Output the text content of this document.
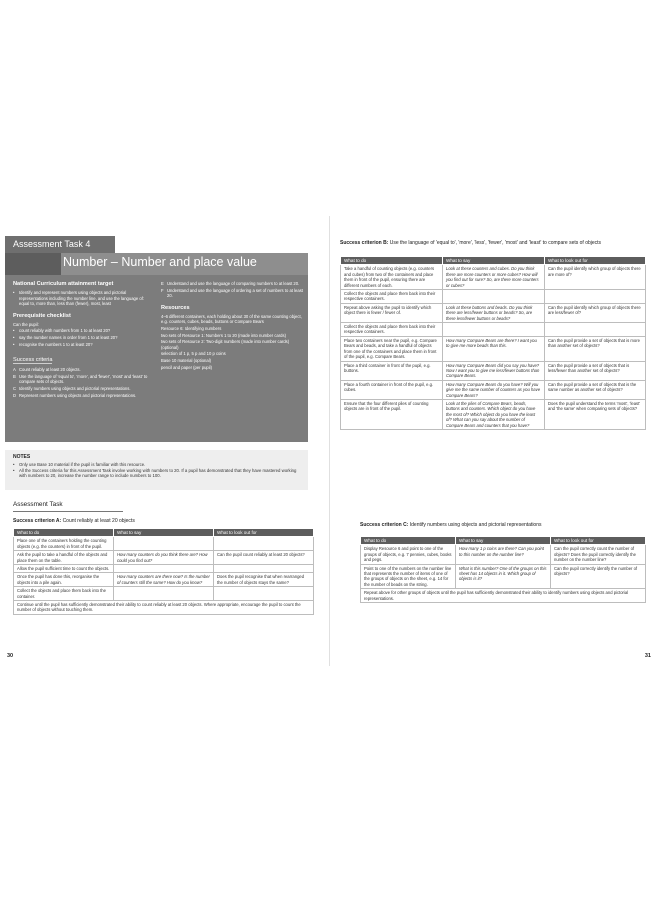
Assessment Task 4
Number – Number and place value
National Curriculum attainment target
• Identify and represent numbers using objects and pictorial representations including the number line, and use the language of: equal to, more than, less than (fewer), most, least
Prerequisite checklist
Can the pupil:
• count reliably with numbers from 1 to at least 20?
• say the number names in order from 1 to at least 20?
• recognise the numbers 1 to at least 20?
Success criteria
A Count reliably at least 20 objects.
B Use the language of 'equal to', 'more', and 'fewer', 'most' and 'least' to compare sets of objects.
C Identify numbers using objects and pictorial representations.
D Represent numbers using objects and pictorial representations.
E Understand and use the language of comparing numbers to at least 20.
F Understand and use the language of ordering a set of numbers to at least 20.
Resources
4–6 different containers, each holding about 30 of the same counting object, e.g. counters, cubes, beads, buttons or Compare Bears
Resource 6: Identifying numbers
two sets of Resource 1: Numbers 1 to 20 (made into number cards)
two sets of Resource 2: Two-digit numbers (made into number cards) (optional)
selection of 1 p, 5 p and 10 p coins
Base 10 material (optional)
pencil and paper (per pupil)
NOTES
• Only use Base 10 material if the pupil is familiar with this resource.
• All the Success criteria for this Assessment Task involve working with numbers to 20. If a pupil has demonstrated that they have mastered working with numbers to 20, increase the number range to include numbers to 100.
Assessment Task
Success criterion A: Count reliably at least 20 objects
What to do	What to say	What to look out for
Place one of the containers holding the counting objects (e.g. the counters) in front of the pupil.		
Ask the pupil to take a handful of the objects and place them on the table.	How many counters do you think there are? How could you find out?	Can the pupil count reliably at least 20 objects?
Allow the pupil sufficient time to count the objects.		
Once the pupil has done this, reorganise the objects into a pile again.	How many counters are there now? Is the number of counters still the same? How do you know?	Does the pupil recognise that when rearranged the number of objects stays the same?
Collect the objects and place them back into the container.		
Continue until the pupil has sufficiently demonstrated their ability to count reliably at least 20 objects. Where appropriate, encourage the pupil to count the number of objects without touching them.		
30
Success criterion B: Use the language of 'equal to', 'more', 'less', 'fewer', 'most' and 'least' to compare sets of objects
What to do	What to say	What to look out for
Take a handful of counting objects (e.g. counters and cubes) from two of the containers and place them in front of the pupil, ensuring there are different numbers of each.	Look at these counters and cubes. Do you think there are more counters or more cubes? How will you find out for sure? So, are there more counters or cubes?	Can the pupil identify which group of objects there are more of?
Collect the objects and place them back into their respective containers.		
Repeat above asking the pupil to identify which object there is fewer / fewer of.	Look at these buttons and beads. Do you think there are less/fewer buttons or beads? So, are there less/fewer buttons or beads?	Can the pupil identify which group of objects there are less/fewer of?
Collect the objects and place them back into their respective containers.		
Place two containers near the pupil, e.g. Compare Bears and beads, and take a handful of objects from one of the containers and place them in front of the pupil, e.g. Compare Bears.	How many Compare Bears are there? I want you to give me more beads than this.	Can the pupil provide a set of objects that is more than another set of objects?
Place a third container in front of the pupil, e.g. buttons.	How many Compare Bears did you say you have? Now I want you to give me less/fewer buttons than Compare Bears.	Can the pupil provide a set of objects that is less/fewer than another set of objects?
Place a fourth container in front of the pupil, e.g. cubes.	How many Compare Bears do you have? Will you give me the same number of counters as you have Compare Bears?	Can the pupil provide a set of objects that is the same number as another set of objects?
Ensure that the four different piles of counting objects are in front of the pupil.	Look at the piles of Compare Bears, beads, buttons and counters. Which object do you have the most of? Which object do you have the least of? What can you say about the number of Compare Bears and counters that you have?	Does the pupil understand the terms 'most', 'least' and 'the same' when comparing sets of objects?
Success criterion C: Identify numbers using objects and pictorial representations
What to do	What to say	What to look out for
Display Resource 6 and point to one of the groups of objects, e.g. 7 pennies, cubes, books and pegs.	How many 1 p coins are there? Can you point to this number on the number line?	Can the pupil correctly count the number of objects? Does the pupil correctly identify the number on the number line?
Point to one of the numbers on the number line that represents the number of items of one of the groups of objects on the sheet, e.g. 14 for the number of beads on the string.	What is this number? One of the groups on this sheet has 14 objects in it. Which group of objects is it?	Can the pupil correctly identify the number of objects?
Repeat above for other groups of objects until the pupil has sufficiently demonstrated their ability to identify numbers using objects and pictorial representations.		
31
